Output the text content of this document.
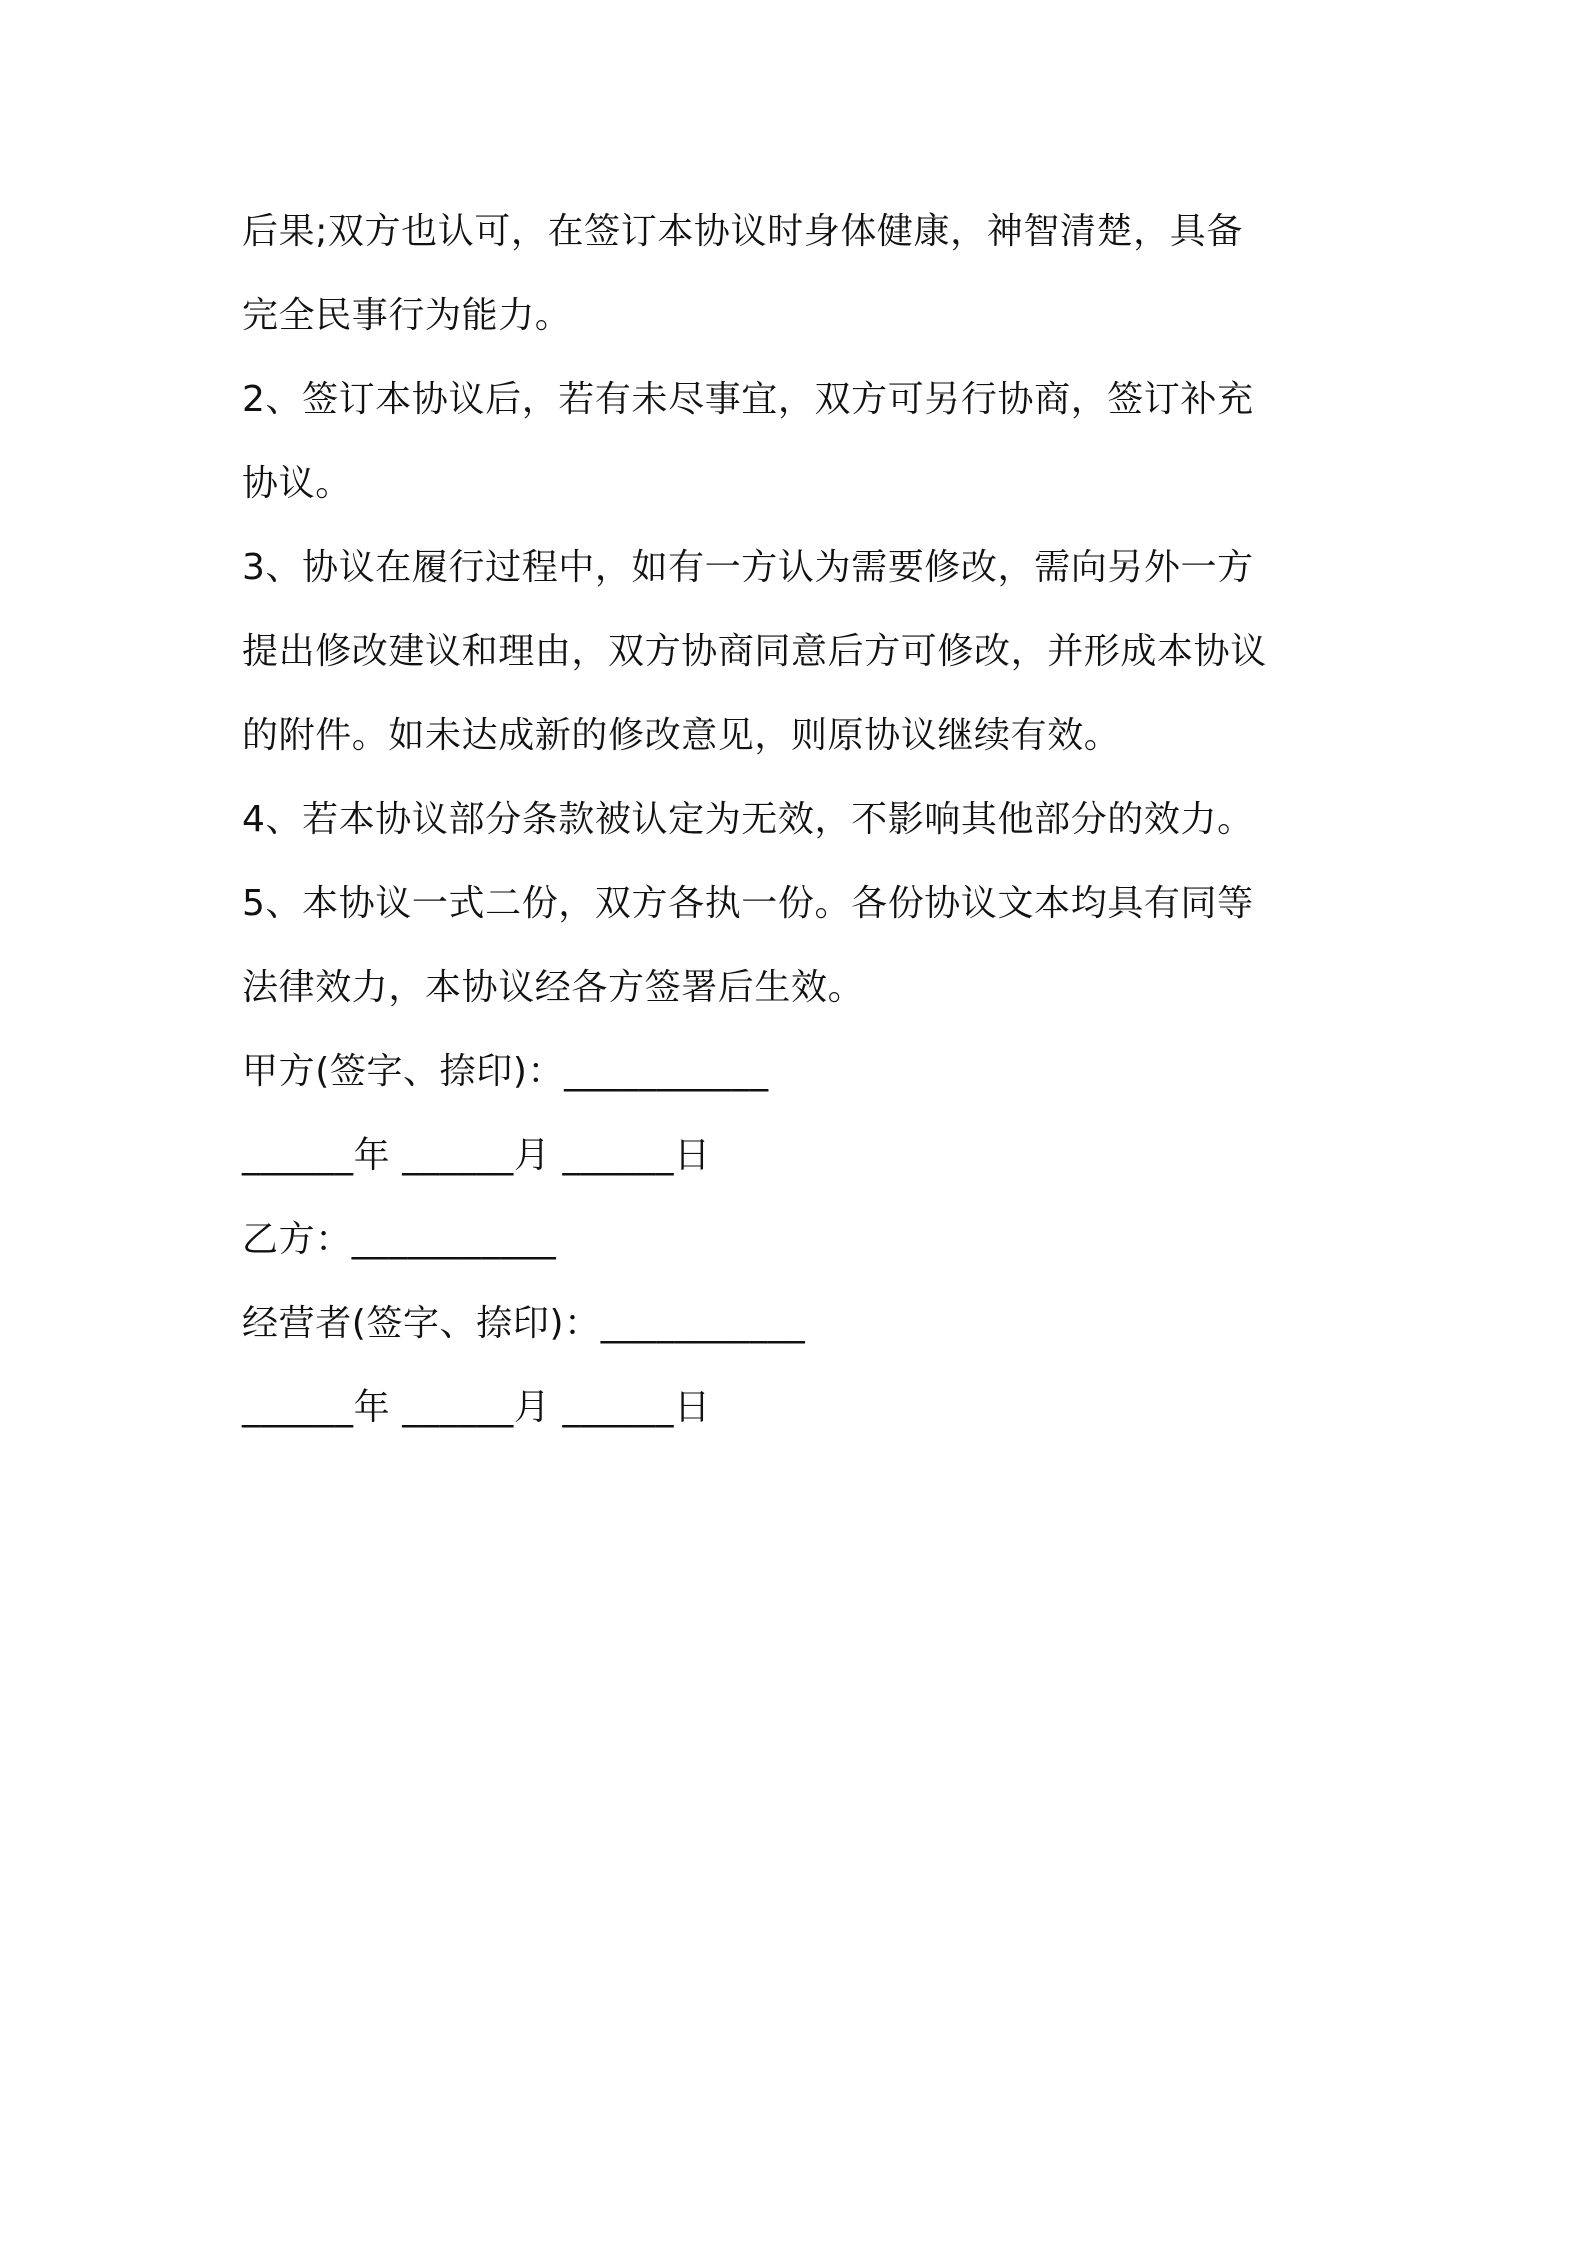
后果;双方也认可，在签订本协议时身体健康，神智清楚，具备
完全民事行为能力。
2、签订本协议后，若有未尽事宜，双方可另行协商，签订补充
协议。
3、协议在履行过程中，如有一方认为需要修改，需向另外一方
提出修改建议和理由，双方协商同意后方可修改，并形成本协议
的附件。如未达成新的修改意见，则原协议继续有效。
4、若本协议部分条款被认定为无效，不影响其他部分的效力。
5、本协议一式二份，双方各执一份。各份协议文本均具有同等
法律效力，本协议经各方签署后生效。
甲方(签字、捺印)：___________
______年 ______月 ______日
乙方：___________
经营者(签字、捺印)：___________
______年 ______月 ______日
